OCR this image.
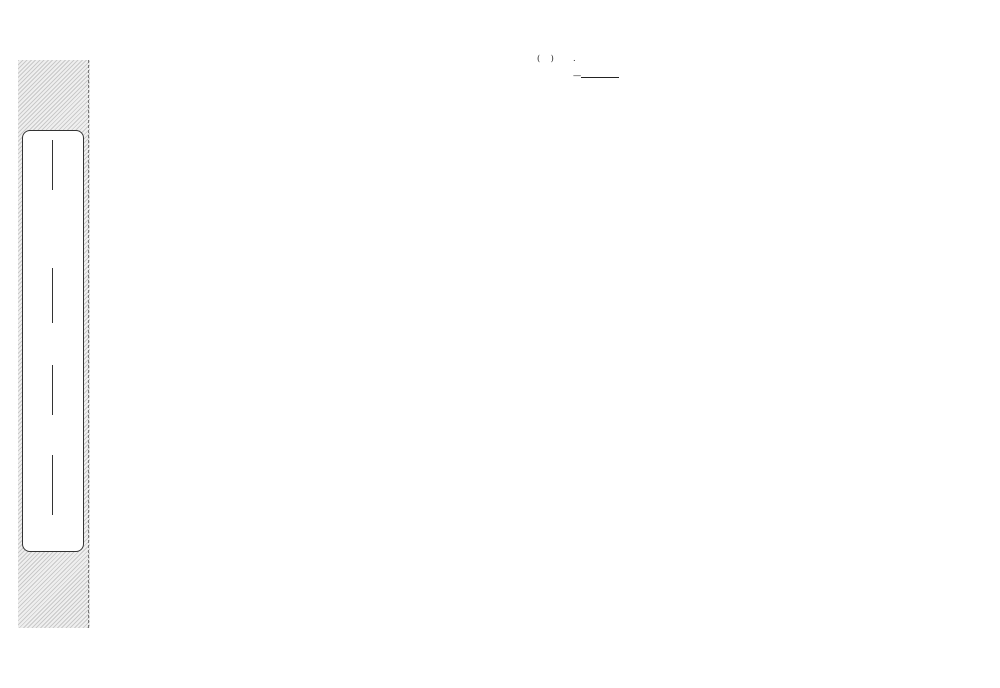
(    )	.
—
